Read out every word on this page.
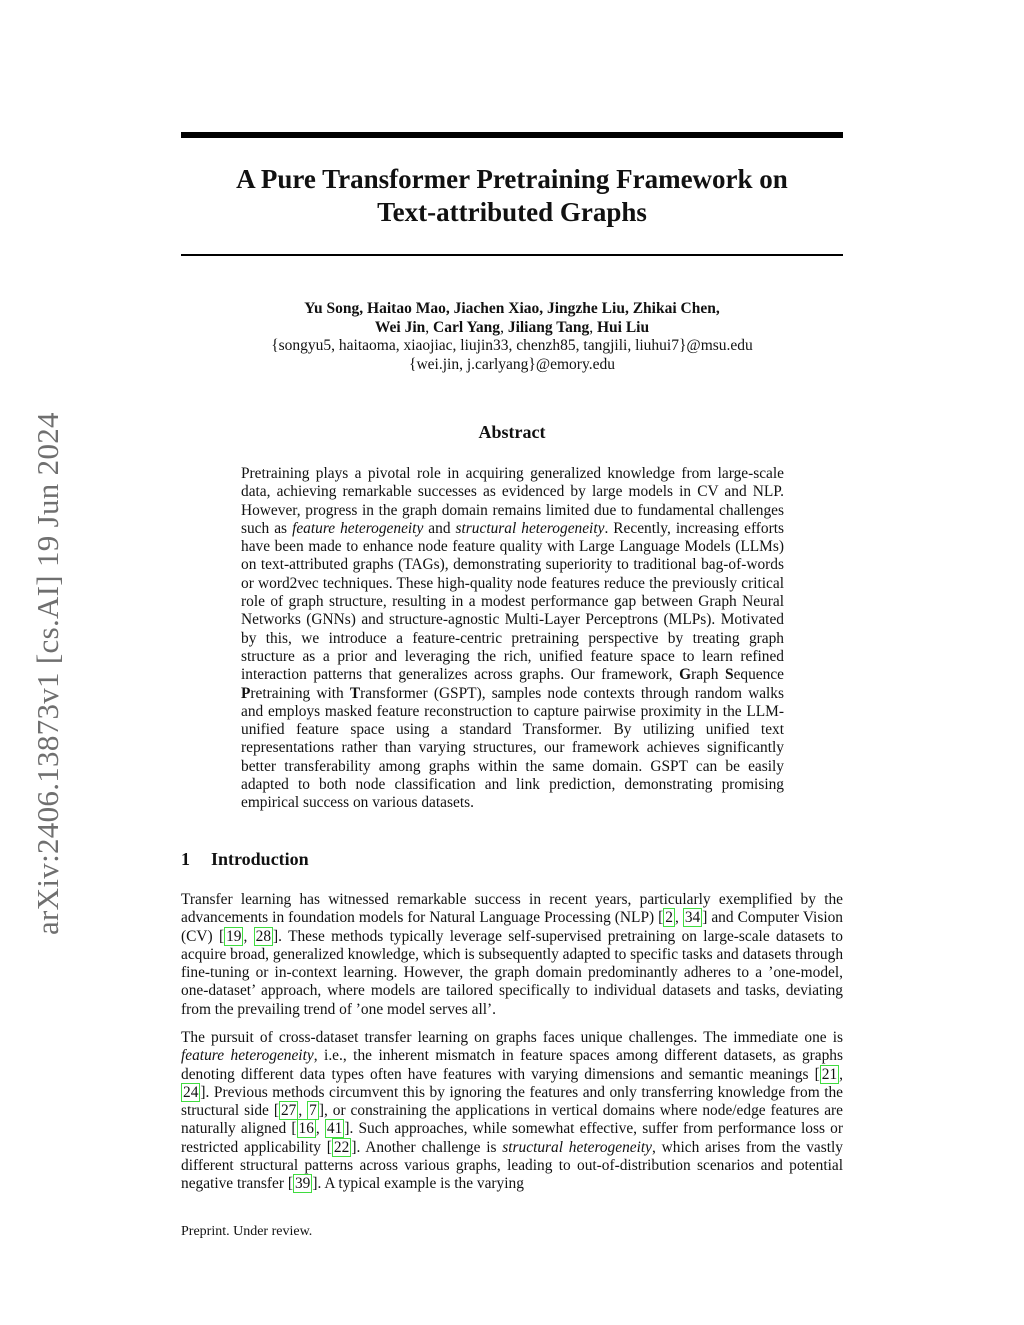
arXiv:2406.13873v1 [cs.AI] 19 Jun 2024
A Pure Transformer Pretraining Framework on
Text-attributed Graphs
Yu Song, Haitao Mao, Jiachen Xiao, Jingzhe Liu, Zhikai Chen,
Wei Jin, Carl Yang, Jiliang Tang, Hui Liu
{songyu5, haitaoma, xiaojiac, liujin33, chenzh85, tangjili, liuhui7}@msu.edu
{wei.jin, j.carlyang}@emory.edu
Abstract
Pretraining plays a pivotal role in acquiring generalized knowledge from large-scale data, achieving remarkable successes as evidenced by large models in CV and NLP. However, progress in the graph domain remains limited due to fundamental challenges such as feature heterogeneity and structural heterogeneity. Recently, increasing efforts have been made to enhance node feature quality with Large Language Models (LLMs) on text-attributed graphs (TAGs), demonstrating superiority to traditional bag-of-words or word2vec techniques. These high-quality node features reduce the previously critical role of graph structure, resulting in a modest performance gap between Graph Neural Networks (GNNs) and structure-agnostic Multi-Layer Perceptrons (MLPs). Motivated by this, we introduce a feature-centric pretraining perspective by treating graph structure as a prior and leveraging the rich, unified feature space to learn refined interaction patterns that generalizes across graphs. Our framework, Graph Sequence Pretraining with Transformer (GSPT), samples node contexts through random walks and employs masked feature reconstruction to capture pairwise proximity in the LLM-unified feature space using a standard Transformer. By utilizing unified text representations rather than varying structures, our framework achieves significantly better transferability among graphs within the same domain. GSPT can be easily adapted to both node classification and link prediction, demonstrating promising empirical success on various datasets.
1 Introduction
Transfer learning has witnessed remarkable success in recent years, particularly exemplified by the advancements in foundation models for Natural Language Processing (NLP) [ 2 , 34 ] and Computer Vision (CV) [ 19 , 28 ]. These methods typically leverage self-supervised pretraining on large-scale datasets to acquire broad, generalized knowledge, which is subsequently adapted to specific tasks and datasets through fine-tuning or in-context learning. However, the graph domain predominantly adheres to a ’one-model, one-dataset’ approach, where models are tailored specifically to individual datasets and tasks, deviating from the prevailing trend of ’one model serves all’.
The pursuit of cross-dataset transfer learning on graphs faces unique challenges. The immediate one is feature heterogeneity, i.e., the inherent mismatch in feature spaces among different datasets, as graphs denoting different data types often have features with varying dimensions and semantic meanings [ 21 , 24 ]. Previous methods circumvent this by ignoring the features and only transferring knowledge from the structural side [ 27 , 7 ], or constraining the applications in vertical domains where node/edge features are naturally aligned [ 16 , 41 ]. Such approaches, while somewhat effective, suffer from performance loss or restricted applicability [ 22 ]. Another challenge is structural heterogeneity, which arises from the vastly different structural patterns across various graphs, leading to out-of-distribution scenarios and potential negative transfer [ 39 ]. A typical example is the varying
Preprint. Under review.
